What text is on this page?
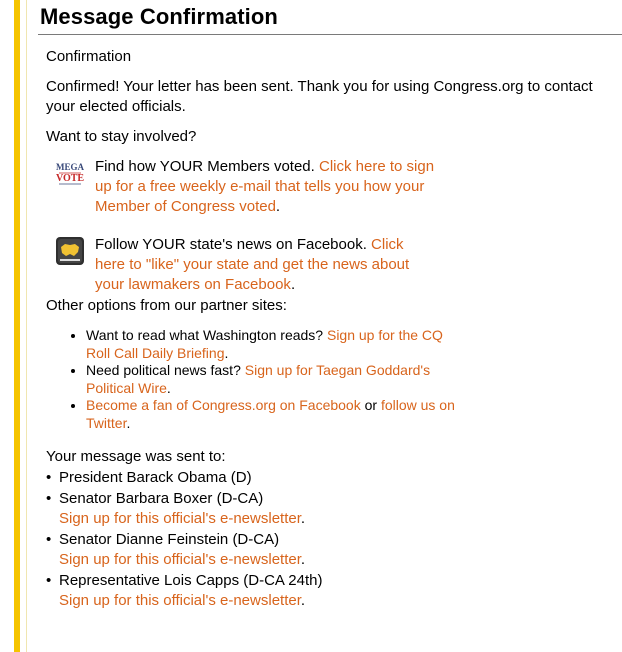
Message Confirmation

Confirmation

Confirmed! Your letter has been sent. Thank you for using Congress.org to contact your elected officials.

Want to stay involved?

MEGA
VOTE
Find how YOUR Members voted. Click here to sign up for a free weekly e-mail that tells you how your Member of Congress voted.
Follow YOUR state's news on Facebook. Click here to "like" your state and get the news about your lawmakers on Facebook.

Other options from our partner sites:

• Want to read what Washington reads? Sign up for the CQ Roll Call Daily Briefing.
• Need political news fast? Sign up for Taegan Goddard's Political Wire.
• Become a fan of Congress.org on Facebook or follow us on Twitter.

Your message was sent to:

• President Barack Obama (D)
• Senator Barbara Boxer (D-CA)
Sign up for this official's e-newsletter.
• Senator Dianne Feinstein (D-CA)
Sign up for this official's e-newsletter.
• Representative Lois Capps (D-CA 24th)
Sign up for this official's e-newsletter.
